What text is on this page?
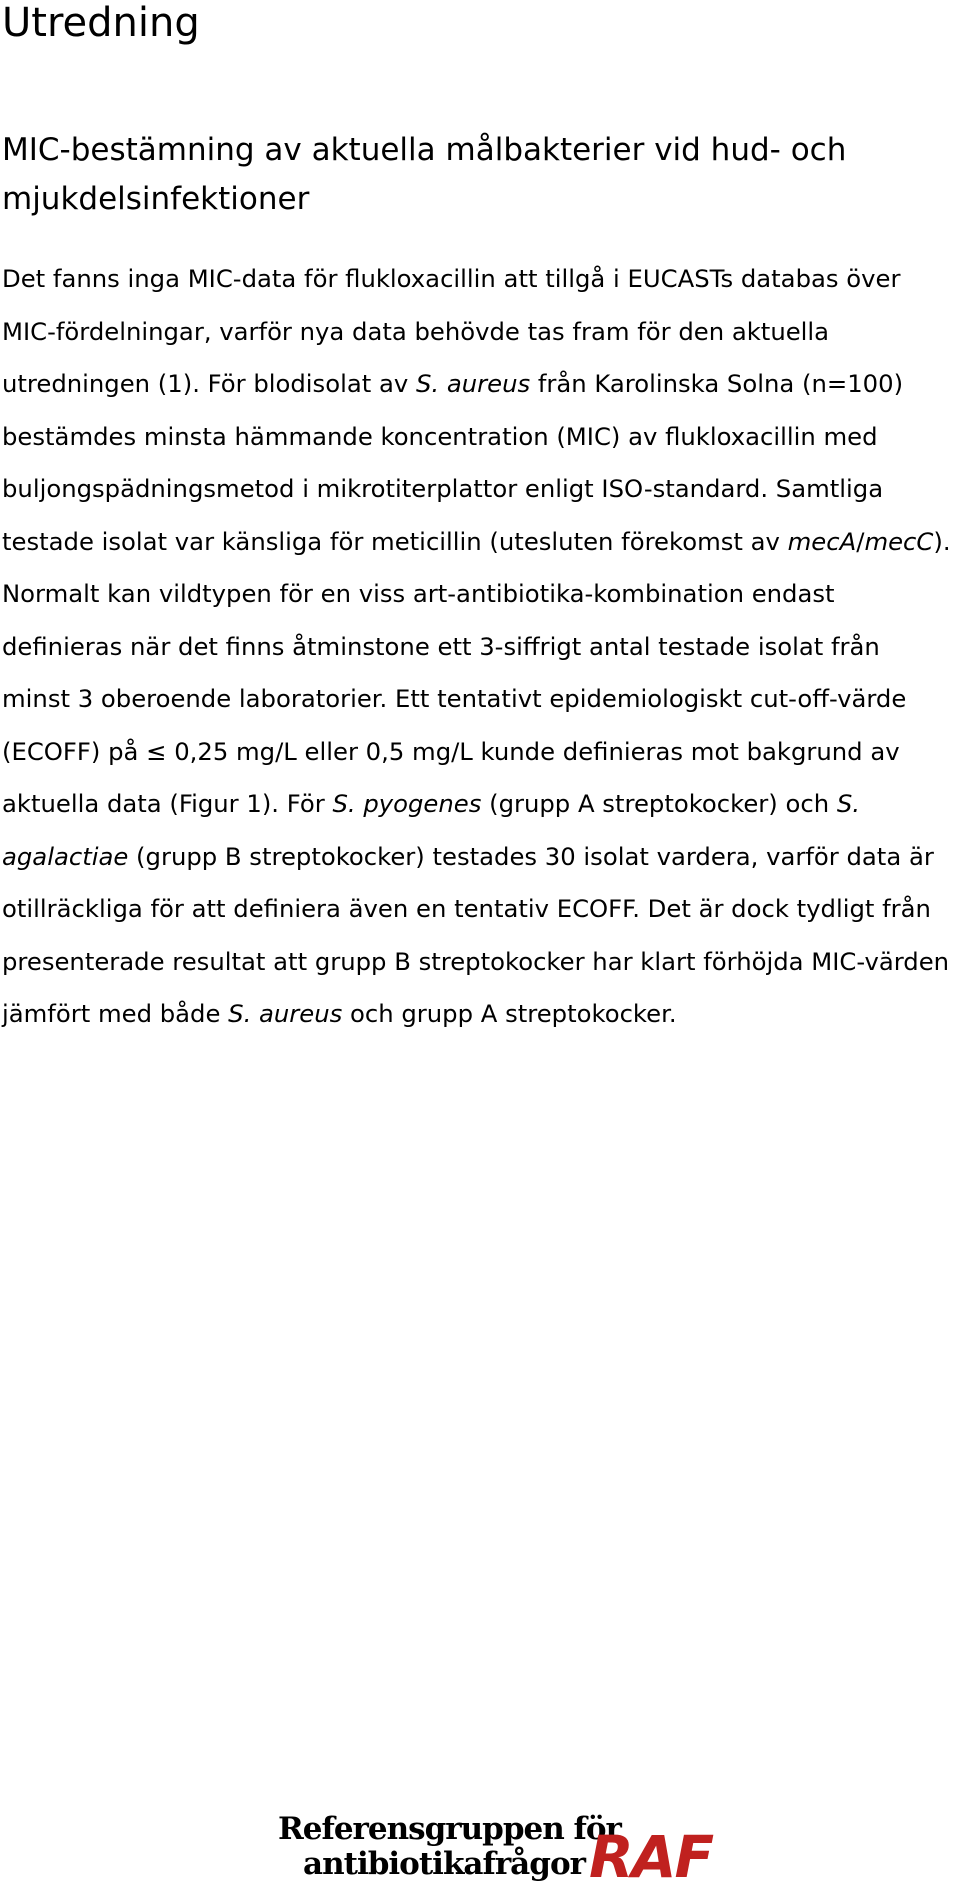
Utredning
MIC-bestämning av aktuella målbakterier vid hud- och mjukdelsinfektioner

Det fanns inga MIC-data för flukloxacillin att tillgå i EUCASTs databas över MIC-fördelningar, varför nya data behövde tas fram för den aktuella utredningen (1). För blodisolat av S. aureus från Karolinska Solna (n=100) bestämdes minsta hämmande koncentration (MIC) av flukloxacillin med buljongspädningsmetod i mikrotiterplattor enligt ISO-standard. Samtliga testade isolat var känsliga för meticillin (utesluten förekomst av mecA/mecC). Normalt kan vildtypen för en viss art-antibiotika-kombination endast definieras när det finns åtminstone ett 3-siffrigt antal testade isolat från minst 3 oberoende laboratorier. Ett tentativt epidemiologiskt cut-off-värde (ECOFF) på ≤ 0,25 mg/L eller 0,5 mg/L kunde definieras mot bakgrund av aktuella data (Figur 1). För S. pyogenes (grupp A streptokocker) och S. agalactiae (grupp B streptokocker) testades 30 isolat vardera, varför data är otillräckliga för att definiera även en tentativ ECOFF. Det är dock tydligt från presenterade resultat att grupp B streptokocker har klart förhöjda MIC-värden jämfört med både S. aureus och grupp A streptokocker.

Referensgruppen för
antibiotikafrågor RAF
